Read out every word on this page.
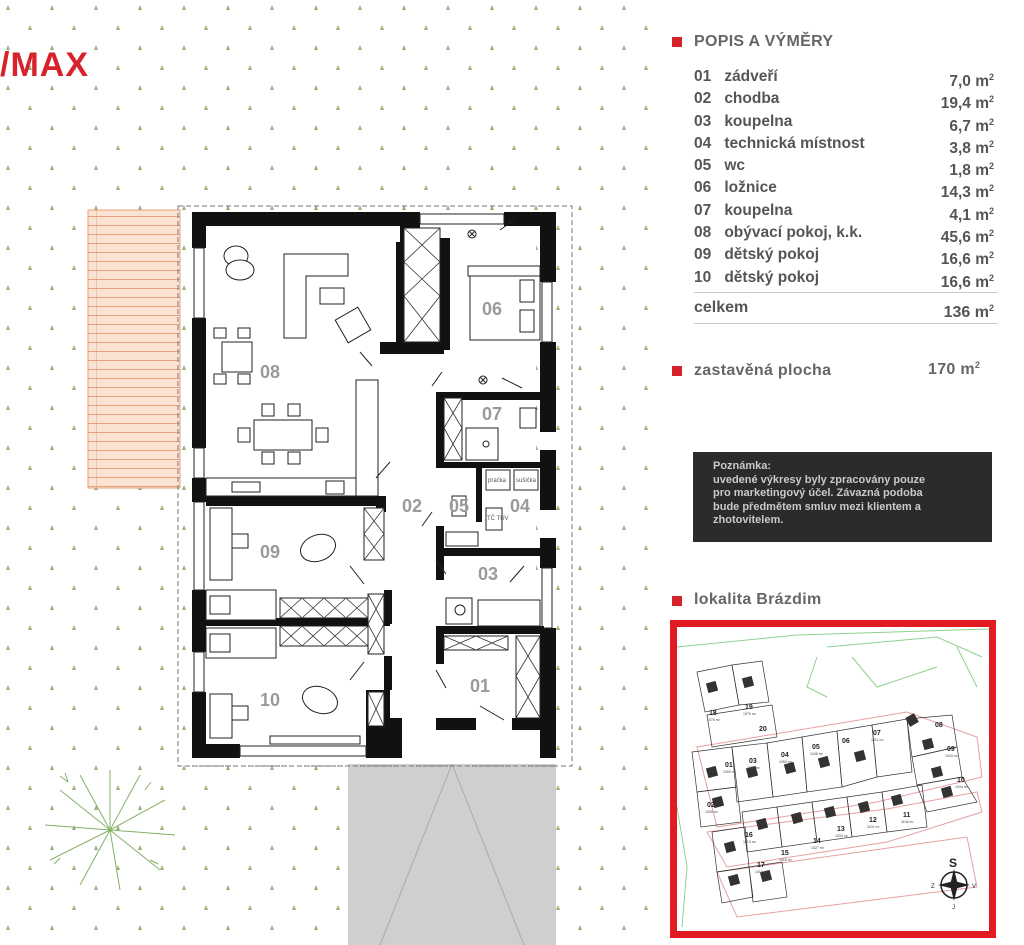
08
06
07
02 05 04
09
03
10
01
pračka sušička
TČ TUV
/MAX
POPIS A VÝMĚRY
01 zádveří	7,0 $m^2$
02 chodba	19,4 $m^2$
03 koupelna	6,7 $m^2$
04 technická místnost	3,8 $m^2$
05 wc	1,8 $m^2$
06 ložnice	14,3 $m^2$
07 koupelna	4,1 $m^2$
08 obývací pokoj, k.k.	45,6 $m^2$
09 dětský pokoj	16,6 $m^2$
10 dětský pokoj	16,6 $m^2$
celkem	136 $m^2$
zastavěná plocha	170 $m^2$
Poznámka:
uvedené výkresy byly zpracovány pouze
pro marketingový účel. Závazná podoba
bude předmětem smluv mezi klientem a
zhotovitelem.
lokalita Brázdim
01
02
03
04
05
06
07
08
09
10
11
12
13
14
15
16
17
18
19
20
1000 m²
1000 m²
1021 m²
1050 m²
1046 m²
1011 m²
1043 m²
1044 m²
1106 m²
1101 m²
1033 m²
1027 m²
1016 m²
1013 m²
1015 m²
1076 m²
1076 m²
S
Z	V
J
